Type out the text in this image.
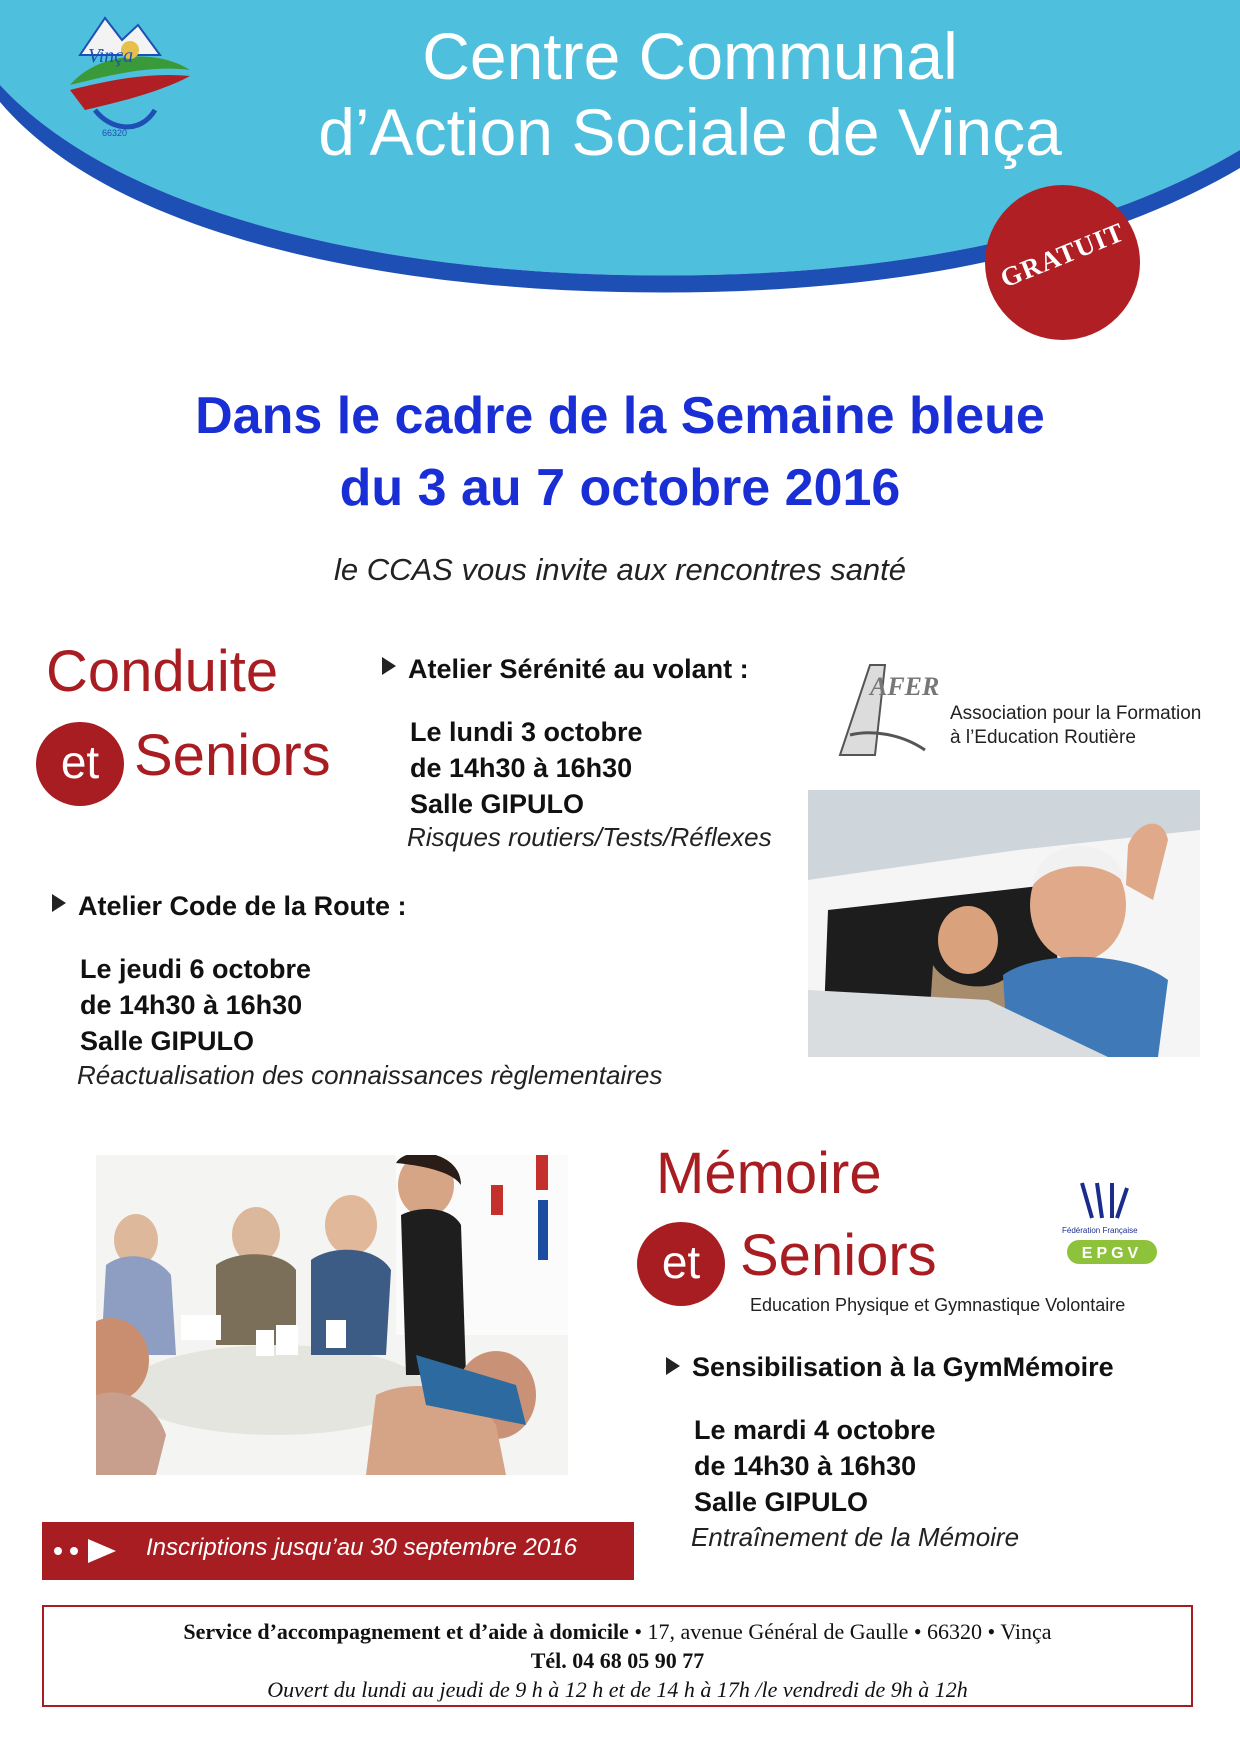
Vinça
66320
Centre Communal
d’Action Sociale de Vinça
GRATUIT
Dans le cadre de la Semaine bleue
du 3 au 7 octobre 2016
le CCAS vous invite aux rencontres santé
Conduite
et Seniors
Atelier Sérénité au volant :
Le lundi 3 octobre
de 14h30 à 16h30
Salle GIPULO
Risques routiers/Tests/Réflexes
AFER
Association pour la Formation
à l’Education Routière
Atelier Code de la Route :
Le jeudi 6 octobre
de 14h30 à 16h30
Salle GIPULO
Réactualisation des connaissances règlementaires
Mémoire
et Seniors
Education Physique et Gymnastique Volontaire
Fédération Française
EPGV
Sensibilisation à la GymMémoire
Le mardi 4 octobre
de 14h30 à 16h30
Salle GIPULO
Entraînement de la Mémoire
Inscriptions jusqu’au 30 septembre 2016
Service d’accompagnement et d’aide à domicile • 17, avenue Général de Gaulle • 66320 • Vinça
Tél. 04 68 05 90 77
Ouvert du lundi au jeudi de 9 h à 12 h et de 14 h à 17h /le vendredi de 9h à 12h
